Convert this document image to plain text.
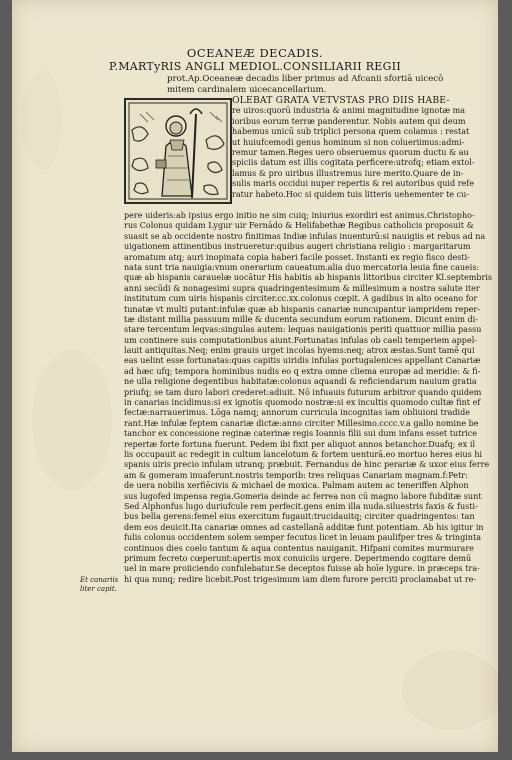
OCEANEÆ DECADIS.
P.MARTyRIS ANGLI MEDIOL.CONSILIARII REGII
prot.Ap.Oceaneæ decadis liber primus ad Afcanii sfortiā uicecō
mitem cardinalem uicecancellarium.
OLEBAT GRATA VETVSTAS PRO DIIS HABE-
re uiros:quorū industria & animi magnitudine ignotæ ma
ioribus eorum terræ panderentur. Nobis autem qui deum
habemus unicū sub triplici persona quem colamus : restat
ut huiufcemodi genus hominum si non colueriimus:admi-
remur tamen.Reges uero obseruemus quorum ductu & au
spiciis datum est illis cogitata perficere:utrofq; etiam extol-
lamus & pro uiribus illustremus iure merito.Quare de in-
sulis maris occidui nuper repertis & rei autoribus quid refe
ratur habeto.Hoc si quidem tuis litteris uehementer te cu-
pere uideris:ab ipsius ergo initio ne sim cuiq; iniurius exordiri est animus.Christopho-
rus Colonus quidam Lygur uir Fernādo & Helifabethæ Regibus catholicis proposuit &
suasit se ab occidente nostro finitimas Indiæ infulas inuenturū:si nauigiis et rebus ad na
uigationem attinentibus instrueretur:quibus augeri christiana religio : margaritarum
aromatum atq; auri inopinata copia haberi facile posset. Instanti ex regio fisco desti-
nata sunt tria nauigia:vnum onerarium caueatum.alia duo mercatoria leuia fine caueis:
quæ ab hispanis carauelæ uocātur His habitis ab hispanis littoribus circiter Kl.septembris
anni secūdi & nonagesimi supra quadringentesimum & millesimum a nostra salute iter
institutum cum uiris hispanis circiter.cc.xx.colonus cœpit. A gadibus in alto oceano for
tunatæ vt multi putant:infulæ quæ ab hispanis canariæ nuncupantur iampridem reper-
tæ distant millia passuum mille & ducenta secundum eorum rationem. Dicunt enim di-
stare tercentum leqvas:singulas autem: lequas nauigationis periti quattuor millia passu
um continere suis computationibus aiunt.Fortunatas infulas ob caeli temperiem appel-
lauit antiquitas.Neq; enim grauis urget incolas hyems:neq; atrox æstas.Sunt tamē qui
eas uelint esse fortunatas:quas capitis uiridis infulas portugalenices appellant Canariæ
ad hæc ufq; tempora hominibus nudis eo q extra omne cliema europæ ad meridie: & fi-
ne ulla religione degentibus habitatæ:colonus aquandi & reficiendarum nauium gratia
priufq; se tam duro labori crederet:adiuit. Nō infuauis futurum arbitror quando quidem
in canarias incidimus:si ex ignotis quomodo nostræ:si ex incultis quomodo cultæ fint ef
fectæ:narrauerimus. Lōga namq; annorum curricula incognitas iam obliuioni tradide
rant.Hæ infulæ feptem canariæ dictæ:anno circiter Millesimo.cccc.v.a gallo nomine be
tanchor ex concessione reginæ caterinæ regis Ioannis filii sui dum infans esset tutrice
repertæ forte fortuna fuerunt. Pedem ibi fixit per aliquot annos betanchor.Duafq; ex il
lis occupauit ac redegit in cultum lancelotum & fortem uenturā.eo mortuo heres eius hi
spanis uiris precio infulam utranq; præbuit. Fernandus de hinc perariæ & uxor eius ferre
am & gomeram inuaferunt.nostris temporib: tres reliquas Canariam magnam.f:Petr:
de uera nobilis xerfiēcivis & michael de moxica. Palmam autem ac teneriffen Alphon
sus lugofed impensa regia.Gomeria deinde ac ferrea non cū magno labore fubditæ sunt
Sed Alphonfus lugo duriufcule rem perfecit.gens enim illa nuda.siluestris faxis & fusti-
bus bella gerens:femel eius exercitum fugauit:trucidauitq; circiter quadringentos: tan
dem eos deuicit.Ita canariæ omnes ad castellanā additæ funt potentiam. Ab his igitur in
fulis colonus occidentem solem semper fecutus licet in leuam paulifper tres & tringinta
continuos dies coelo tantum & aqua contentus nauiganit. Hifpani comites murmurare
primum fecreto cœperunt:apertis mox conuiciis urgere. Deperimendo cogitare demū
uel in mare proiiciendo confulebatur.Se deceptos fuisse ab hoīe lygure. in præceps tra-
hi qua nunq; redire licebit.Post trigesimum iam diem furore perciti proclamabat ut re-
Et canariis
liter capit.
